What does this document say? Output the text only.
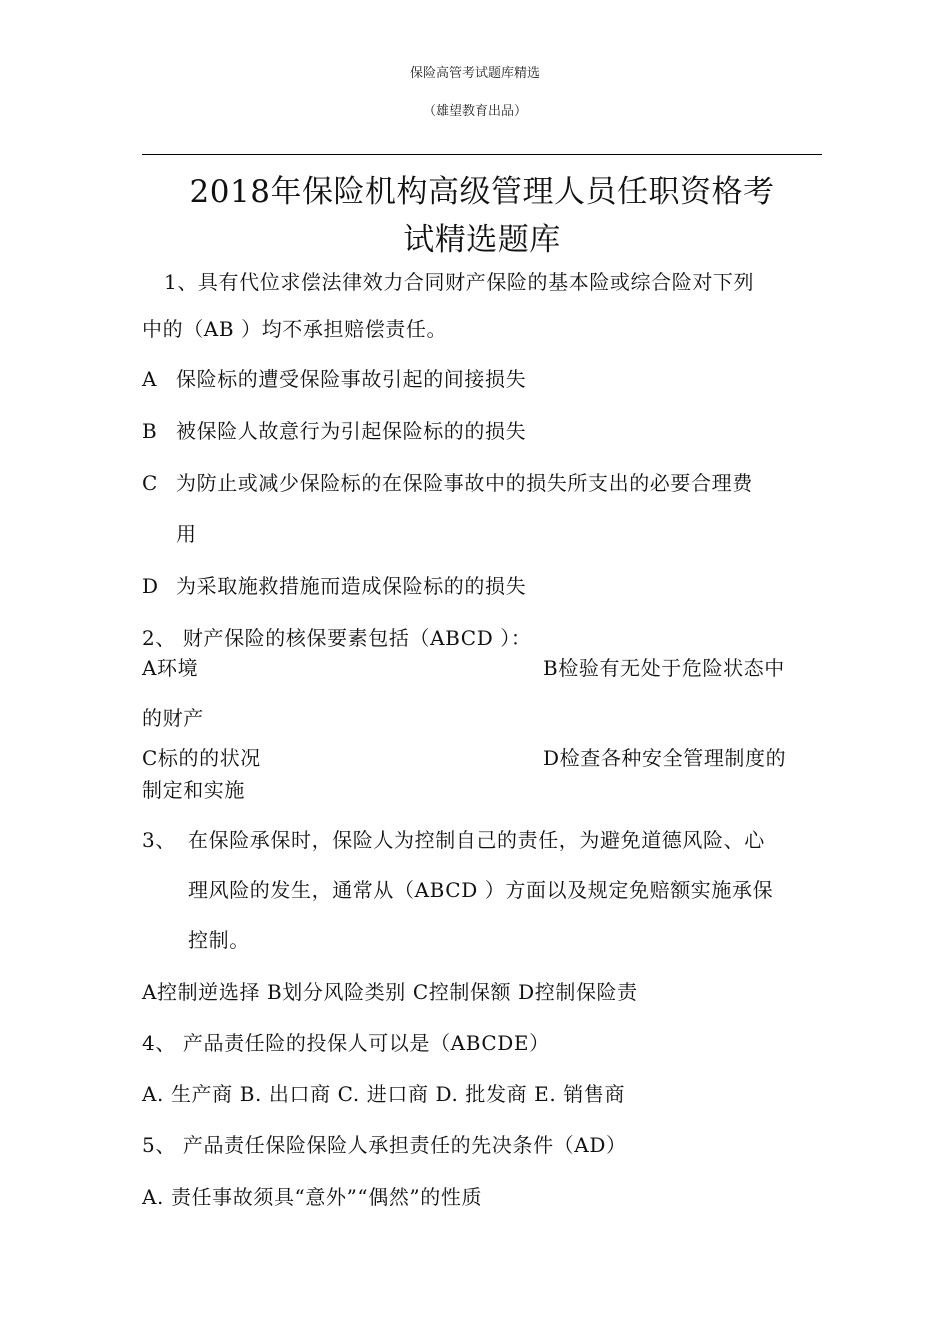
保险高管考试题库精选
（雄望教育出品）
2018年保险机构高级管理人员任职资格考
试精选题库
1、具有代位求偿法律效力合同财产保险的基本险或综合险对下列
中的（AB ）均不承担赔偿责任。
A 保险标的遭受保险事故引起的间接损失
B 被保险人故意行为引起保险标的的损失
C 为防止或减少保险标的在保险事故中的损失所支出的必要合理费
用
D 为采取施救措施而造成保险标的的损失
2、 财产保险的核保要素包括（ABCD ）：
A环境	B检验有无处于危险状态中
的财产
C标的的状况	D检查各种安全管理制度的
制定和实施
3、 在保险承保时，保险人为控制自己的责任，为避免道德风险、心
理风险的发生，通常从（ABCD ）方面以及规定免赔额实施承保
控制。
A控制逆选择 B划分风险类别 C控制保额 D控制保险责
4、 产品责任险的投保人可以是（ABCDE）
A. 生产商 B. 出口商 C. 进口商 D. 批发商 E. 销售商
5、 产品责任保险保险人承担责任的先决条件（AD）
A. 责任事故须具“意外”“偶然”的性质
